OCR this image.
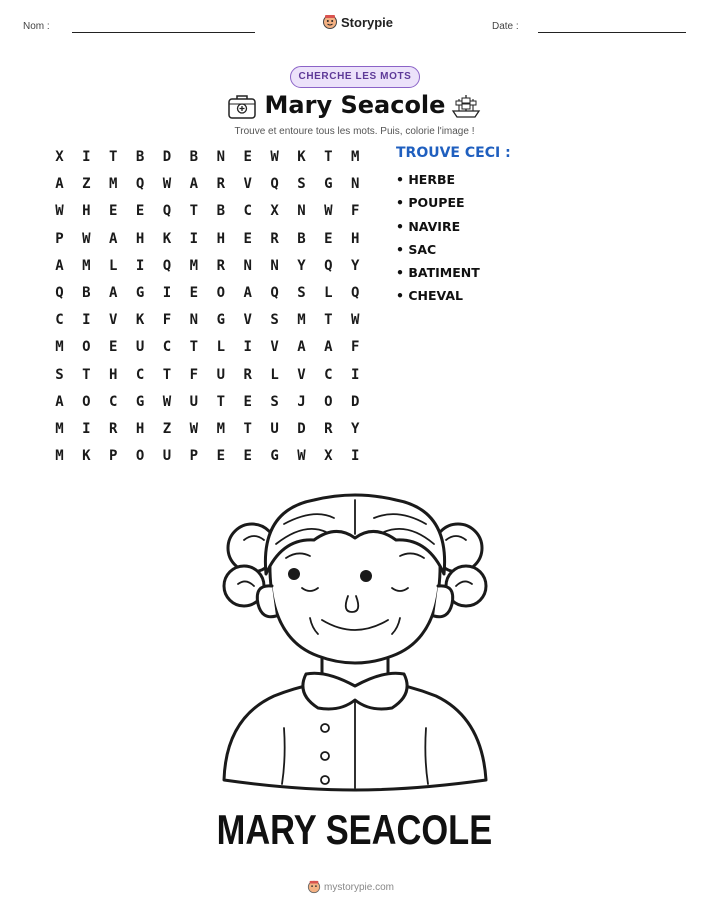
Nom :	Storypie	Date :
CHERCHE LES MOTS
Mary Seacole
Trouve et entoure tous les mots. Puis, colorie l'image !
X	I	T	B	D	B	N	E	W	K	T	M
A	Z	M	Q	W	A	R	V	Q	S	G	N
W	H	E	E	Q	T	B	C	X	N	W	F
P	W	A	H	K	I	H	E	R	B	E	H
A	M	L	I	Q	M	R	N	N	Y	Q	Y
Q	B	A	G	I	E	O	A	Q	S	L	Q
C	I	V	K	F	N	G	V	S	M	T	W
M	O	E	U	C	T	L	I	V	A	A	F
S	T	H	C	T	F	U	R	L	V	C	I
A	O	C	G	W	U	T	E	S	J	O	D
M	I	R	H	Z	W	M	T	U	D	R	Y
M	K	P	O	U	P	E	E	G	W	X	I
TROUVE CECI :
• HERBE
• POUPEE
• NAVIRE
• SAC
• BATIMENT
• CHEVAL
MARY SEACOLE
mystorypie.com
